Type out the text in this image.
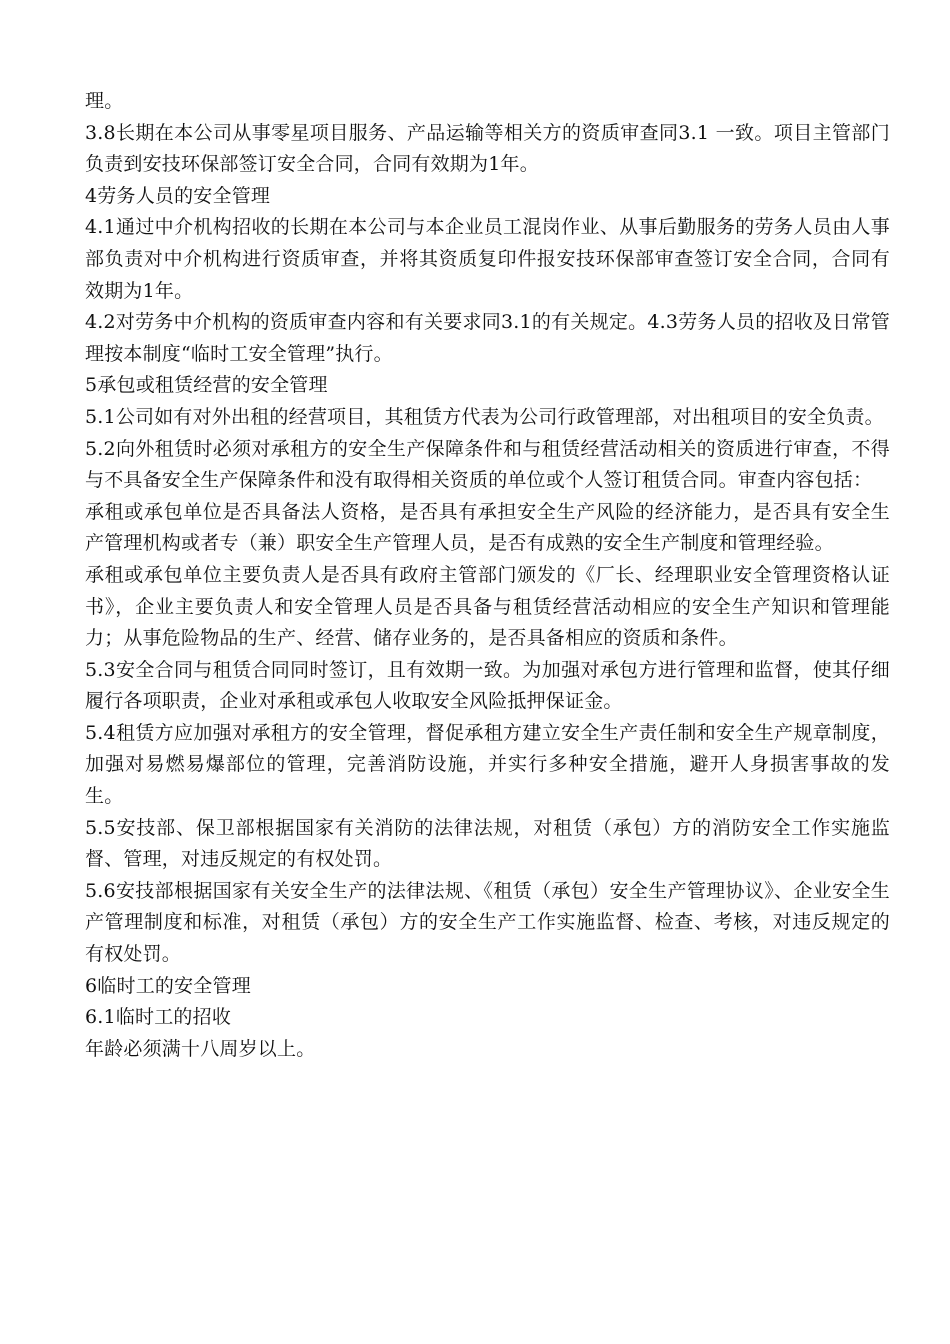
理。

3.8长期在本公司从事零星项目服务、产品运输等相关方的资质审查同3.1 一致。项目主管部门负责到安技环保部签订安全合同，合同有效期为1年。

4劳务人员的安全管理

4.1通过中介机构招收的长期在本公司与本企业员工混岗作业、从事后勤服务的劳务人员由人事部负责对中介机构进行资质审查，并将其资质复印件报安技环保部审查签订安全合同，合同有效期为1年。

4.2对劳务中介机构的资质审查内容和有关要求同3.1的有关规定。4.3劳务人员的招收及日常管理按本制度“临时工安全管理”执行。

5承包或租赁经营的安全管理

5.1公司如有对外出租的经营项目，其租赁方代表为公司行政管理部，对出租项目的安全负责。

5.2向外租赁时必须对承租方的安全生产保障条件和与租赁经营活动相关的资质进行审查，不得与不具备安全生产保障条件和没有取得相关资质的单位或个人签订租赁合同。审查内容包括：

承租或承包单位是否具备法人资格，是否具有承担安全生产风险的经济能力，是否具有安全生产管理机构或者专（兼）职安全生产管理人员，是否有成熟的安全生产制度和管理经验。

承租或承包单位主要负责人是否具有政府主管部门颁发的《厂长、经理职业安全管理资格认证书》，企业主要负责人和安全管理人员是否具备与租赁经营活动相应的安全生产知识和管理能力；从事危险物品的生产、经营、储存业务的，是否具备相应的资质和条件。

5.3安全合同与租赁合同同时签订，且有效期一致。为加强对承包方进行管理和监督，使其仔细履行各项职责，企业对承租或承包人收取安全风险抵押保证金。

5.4租赁方应加强对承租方的安全管理，督促承租方建立安全生产责任制和安全生产规章制度，加强对易燃易爆部位的管理，完善消防设施，并实行多种安全措施，避开人身损害事故的发生。

5.5安技部、保卫部根据国家有关消防的法律法规，对租赁（承包）方的消防安全工作实施监督、管理，对违反规定的有权处罚。

5.6安技部根据国家有关安全生产的法律法规、《租赁（承包）安全生产管理协议》、企业安全生产管理制度和标准，对租赁（承包）方的安全生产工作实施监督、检查、考核，对违反规定的有权处罚。

6临时工的安全管理

6.1临时工的招收

年龄必须满十八周岁以上。
